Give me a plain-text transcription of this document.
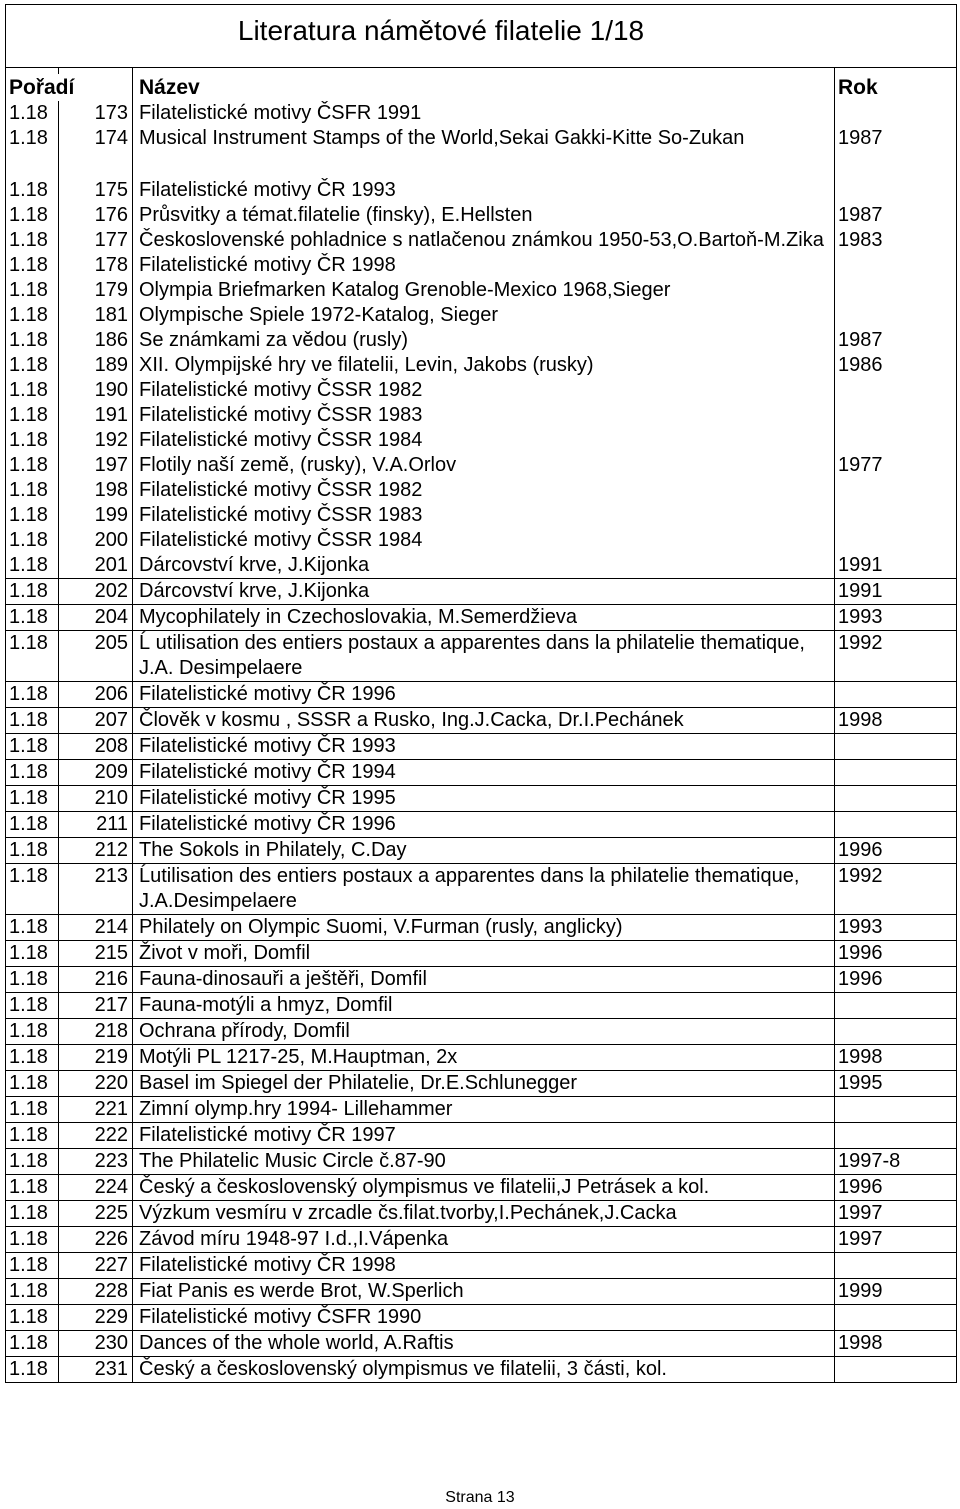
Literatura námětové filatelie 1/18			

Pořadí		Název	Rok
1.18	173	Filatelistické motivy ČSFR 1991	
1.18	174	Musical Instrument Stamps of the World,Sekai Gakki-Kitte So-Zukan	1987

1.18	175	Filatelistické motivy ČR 1993	
1.18	176	Průsvitky a témat.filatelie (finsky), E.Hellsten	1987
1.18	177	Československé pohladnice s natlačenou známkou 1950-53,O.Bartoň-M.Zika	1983
1.18	178	Filatelistické motivy ČR 1998	
1.18	179	Olympia Briefmarken Katalog Grenoble-Mexico 1968,Sieger	
1.18	181	Olympische Spiele 1972-Katalog, Sieger	
1.18	186	Se známkami za vědou (rusly)	1987
1.18	189	XII. Olympijské hry ve filatelii, Levin, Jakobs (rusky)	1986
1.18	190	Filatelistické motivy ČSSR 1982	
1.18	191	Filatelistické motivy ČSSR 1983	
1.18	192	Filatelistické motivy ČSSR 1984	
1.18	197	Flotily naší země, (rusky), V.A.Orlov	1977
1.18	198	Filatelistické motivy ČSSR 1982	
1.18	199	Filatelistické motivy ČSSR 1983	
1.18	200	Filatelistické motivy ČSSR 1984	
1.18	201	Dárcovství krve, J.Kijonka	1991
1.18	202	Dárcovství krve, J.Kijonka	1991
1.18	204	Mycophilately in Czechoslovakia, M.Semerdžieva	1993
1.18	205	Ĺ utilisation des entiers postaux a apparentes dans la philatelie thematique, J.A. Desimpelaere	1992
1.18	206	Filatelistické motivy ČR 1996	
1.18	207	Člověk v kosmu , SSSR a Rusko, Ing.J.Cacka, Dr.I.Pechánek	1998
1.18	208	Filatelistické motivy ČR 1993	
1.18	209	Filatelistické motivy ČR 1994	
1.18	210	Filatelistické motivy ČR 1995	
1.18	211	Filatelistické motivy ČR 1996	
1.18	212	The Sokols in Philately, C.Day	1996
1.18	213	Ĺutilisation des entiers postaux a apparentes dans la philatelie thematique, J.A.Desimpelaere	1992
1.18	214	Philately on Olympic Suomi, V.Furman (rusly, anglicky)	1993
1.18	215	Život v moři, Domfil	1996
1.18	216	Fauna-dinosauři a ještěři, Domfil	1996
1.18	217	Fauna-motýli a hmyz, Domfil	
1.18	218	Ochrana přírody, Domfil	
1.18	219	Motýli PL 1217-25, M.Hauptman, 2x	1998
1.18	220	Basel im Spiegel der Philatelie, Dr.E.Schlunegger	1995
1.18	221	Zimní olymp.hry 1994- Lillehammer	
1.18	222	Filatelistické motivy ČR 1997	
1.18	223	The Philatelic Music Circle č.87-90	1997-8
1.18	224	Český a československý olympismus ve filatelii,J Petrásek a kol.	1996
1.18	225	Výzkum vesmíru v zrcadle čs.filat.tvorby,I.Pechánek,J.Cacka	1997
1.18	226	Závod míru 1948-97 I.d.,I.Vápenka	1997
1.18	227	Filatelistické motivy ČR 1998	
1.18	228	Fiat Panis es werde Brot, W.Sperlich	1999
1.18	229	Filatelistické motivy ČSFR 1990	
1.18	230	Dances of the whole world, A.Raftis	1998
1.18	231	Český a československý olympismus ve filatelii, 3 části, kol.	
Strana 13
